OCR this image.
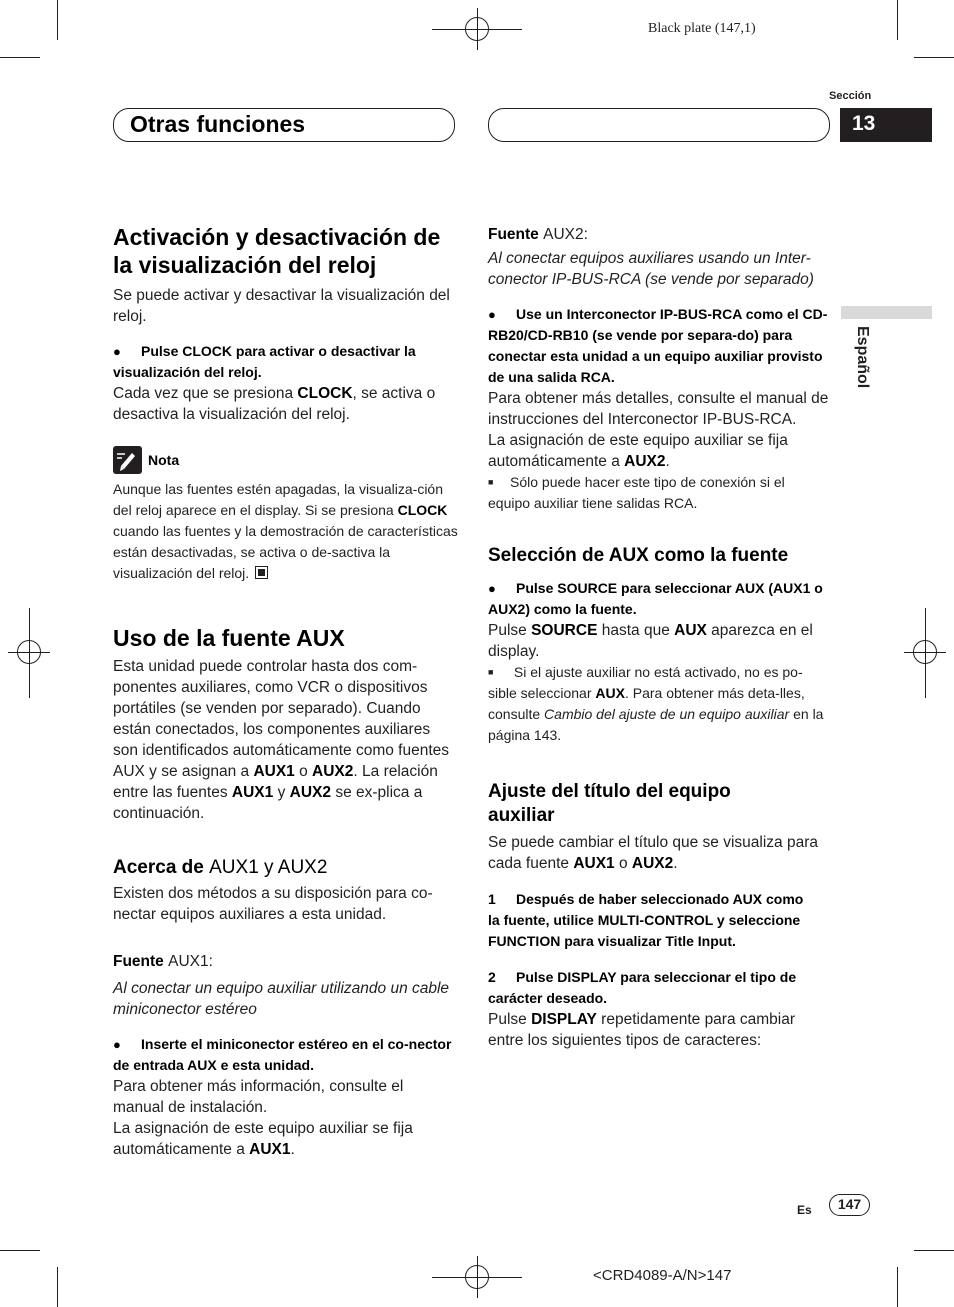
Black plate (147,1)
Sección
Otras funciones	13
Español
Activación y desactivación de la visualización del reloj
Se puede activar y desactivar la visualización del reloj.
● Pulse CLOCK para activar o desactivar la visualización del reloj.
Cada vez que se presiona CLOCK, se activa o desactiva la visualización del reloj.
Nota
Aunque las fuentes estén apagadas, la visualiza-ción del reloj aparece en el display. Si se presiona CLOCK cuando las fuentes y la demostración de características están desactivadas, se activa o de-sactiva la visualización del reloj.
Uso de la fuente AUX
Esta unidad puede controlar hasta dos com-ponentes auxiliares, como VCR o dispositivos portátiles (se venden por separado). Cuando están conectados, los componentes auxiliares son identificados automáticamente como fuentes AUX y se asignan a AUX1 o AUX2. La relación entre las fuentes AUX1 y AUX2 se ex-plica a continuación.
Acerca de AUX1 y AUX2
Existen dos métodos a su disposición para co-nectar equipos auxiliares a esta unidad.
Fuente AUX1:
Al conectar un equipo auxiliar utilizando un cable miniconector estéreo
● Inserte el miniconector estéreo en el co-nector de entrada AUX e esta unidad.
Para obtener más información, consulte el manual de instalación.
La asignación de este equipo auxiliar se fija automáticamente a AUX1.
Fuente AUX2:
Al conectar equipos auxiliares usando un Inter-conector IP-BUS-RCA (se vende por separado)
● Use un Interconector IP-BUS-RCA como el CD-RB20/CD-RB10 (se vende por separa-do) para conectar esta unidad a un equipo auxiliar provisto de una salida RCA.
Para obtener más detalles, consulte el manual de instrucciones del Interconector IP-BUS-RCA.
La asignación de este equipo auxiliar se fija automáticamente a AUX2.
■ Sólo puede hacer este tipo de conexión si el equipo auxiliar tiene salidas RCA.
Selección de AUX como la fuente
● Pulse SOURCE para seleccionar AUX (AUX1 o AUX2) como la fuente.
Pulse SOURCE hasta que AUX aparezca en el display.
■ Si el ajuste auxiliar no está activado, no es po-sible seleccionar AUX. Para obtener más deta-lles, consulte Cambio del ajuste de un equipo auxiliar en la página 143.
Ajuste del título del equipo auxiliar
Se puede cambiar el título que se visualiza para cada fuente AUX1 o AUX2.
1 Después de haber seleccionado AUX como la fuente, utilice MULTI-CONTROL y seleccione FUNCTION para visualizar Title Input.
2 Pulse DISPLAY para seleccionar el tipo de carácter deseado.
Pulse DISPLAY repetidamente para cambiar entre los siguientes tipos de caracteres:
Es	147
<CRD4089-A/N>147
